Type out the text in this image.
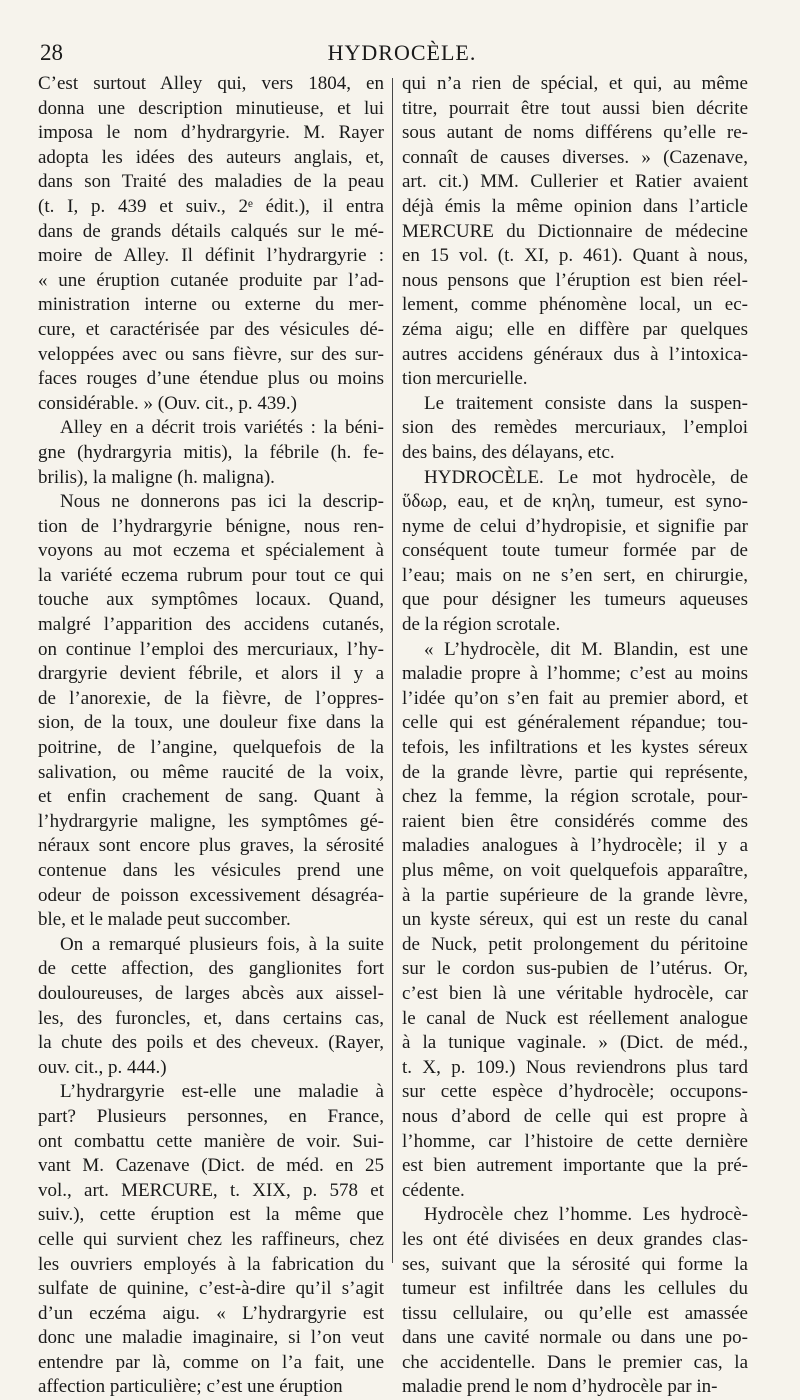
28	HYDROCÈLE.
C’est surtout Alley qui, vers 1804, en
donna une description minutieuse, et lui
imposa le nom d’hydrargyrie. M. Rayer
adopta les idées des auteurs anglais, et,
dans son Traité des maladies de la peau
(t. I, p. 439 et suiv., 2ᵉ édit.), il entra
dans de grands détails calqués sur le mé-
moire de Alley. Il définit l’hydrargyrie :
« une éruption cutanée produite par l’ad-
ministration interne ou externe du mer-
cure, et caractérisée par des vésicules dé-
veloppées avec ou sans fièvre, sur des sur-
faces rouges d’une étendue plus ou moins
considérable. » (Ouv. cit., p. 439.)
Alley en a décrit trois variétés : la béni-
gne (hydrargyria mitis), la fébrile (h. fe-
brilis), la maligne (h. maligna).
Nous ne donnerons pas ici la descrip-
tion de l’hydrargyrie bénigne, nous ren-
voyons au mot eczema et spécialement à
la variété eczema rubrum pour tout ce qui
touche aux symptômes locaux. Quand,
malgré l’apparition des accidens cutanés,
on continue l’emploi des mercuriaux, l’hy-
drargyrie devient fébrile, et alors il y a
de l’anorexie, de la fièvre, de l’oppres-
sion, de la toux, une douleur fixe dans la
poitrine, de l’angine, quelquefois de la
salivation, ou même raucité de la voix,
et enfin crachement de sang. Quant à
l’hydrargyrie maligne, les symptômes gé-
néraux sont encore plus graves, la sérosité
contenue dans les vésicules prend une
odeur de poisson excessivement désagréa-
ble, et le malade peut succomber.
On a remarqué plusieurs fois, à la suite
de cette affection, des ganglionites fort
douloureuses, de larges abcès aux aissel-
les, des furoncles, et, dans certains cas,
la chute des poils et des cheveux. (Rayer,
ouv. cit., p. 444.)
L’hydrargyrie est-elle une maladie à
part? Plusieurs personnes, en France,
ont combattu cette manière de voir. Sui-
vant M. Cazenave (Dict. de méd. en 25
vol., art. MERCURE, t. XIX, p. 578 et
suiv.), cette éruption est la même que
celle qui survient chez les raffineurs, chez
les ouvriers employés à la fabrication du
sulfate de quinine, c’est-à-dire qu’il s’agit
d’un eczéma aigu. « L’hydrargyrie est
donc une maladie imaginaire, si l’on veut
entendre par là, comme on l’a fait, une
affection particulière; c’est une éruption
qui n’a rien de spécial, et qui, au même
titre, pourrait être tout aussi bien décrite
sous autant de noms différens qu’elle re-
connaît de causes diverses. » (Cazenave,
art. cit.) MM. Cullerier et Ratier avaient
déjà émis la même opinion dans l’article
MERCURE du Dictionnaire de médecine
en 15 vol. (t. XI, p. 461). Quant à nous,
nous pensons que l’éruption est bien réel-
lement, comme phénomène local, un ec-
zéma aigu; elle en diffère par quelques
autres accidens généraux dus à l’intoxica-
tion mercurielle.
Le traitement consiste dans la suspen-
sion des remèdes mercuriaux, l’emploi
des bains, des délayans, etc.
HYDROCÈLE. Le mot hydrocèle, de
ὕδωρ, eau, et de κηλη, tumeur, est syno-
nyme de celui d’hydropisie, et signifie par
conséquent toute tumeur formée par de
l’eau; mais on ne s’en sert, en chirurgie,
que pour désigner les tumeurs aqueuses
de la région scrotale.
« L’hydrocèle, dit M. Blandin, est une
maladie propre à l’homme; c’est au moins
l’idée qu’on s’en fait au premier abord, et
celle qui est généralement répandue; tou-
tefois, les infiltrations et les kystes séreux
de la grande lèvre, partie qui représente,
chez la femme, la région scrotale, pour-
raient bien être considérés comme des
maladies analogues à l’hydrocèle; il y a
plus même, on voit quelquefois apparaître,
à la partie supérieure de la grande lèvre,
un kyste séreux, qui est un reste du canal
de Nuck, petit prolongement du péritoine
sur le cordon sus-pubien de l’utérus. Or,
c’est bien là une véritable hydrocèle, car
le canal de Nuck est réellement analogue
à la tunique vaginale. » (Dict. de méd.,
t. X, p. 109.) Nous reviendrons plus tard
sur cette espèce d’hydrocèle; occupons-
nous d’abord de celle qui est propre à
l’homme, car l’histoire de cette dernière
est bien autrement importante que la pré-
cédente.
Hydrocèle chez l’homme. Les hydrocè-
les ont été divisées en deux grandes clas-
ses, suivant que la sérosité qui forme la
tumeur est infiltrée dans les cellules du
tissu cellulaire, ou qu’elle est amassée
dans une cavité normale ou dans une po-
che accidentelle. Dans le premier cas, la
maladie prend le nom d’hydrocèle par in-
